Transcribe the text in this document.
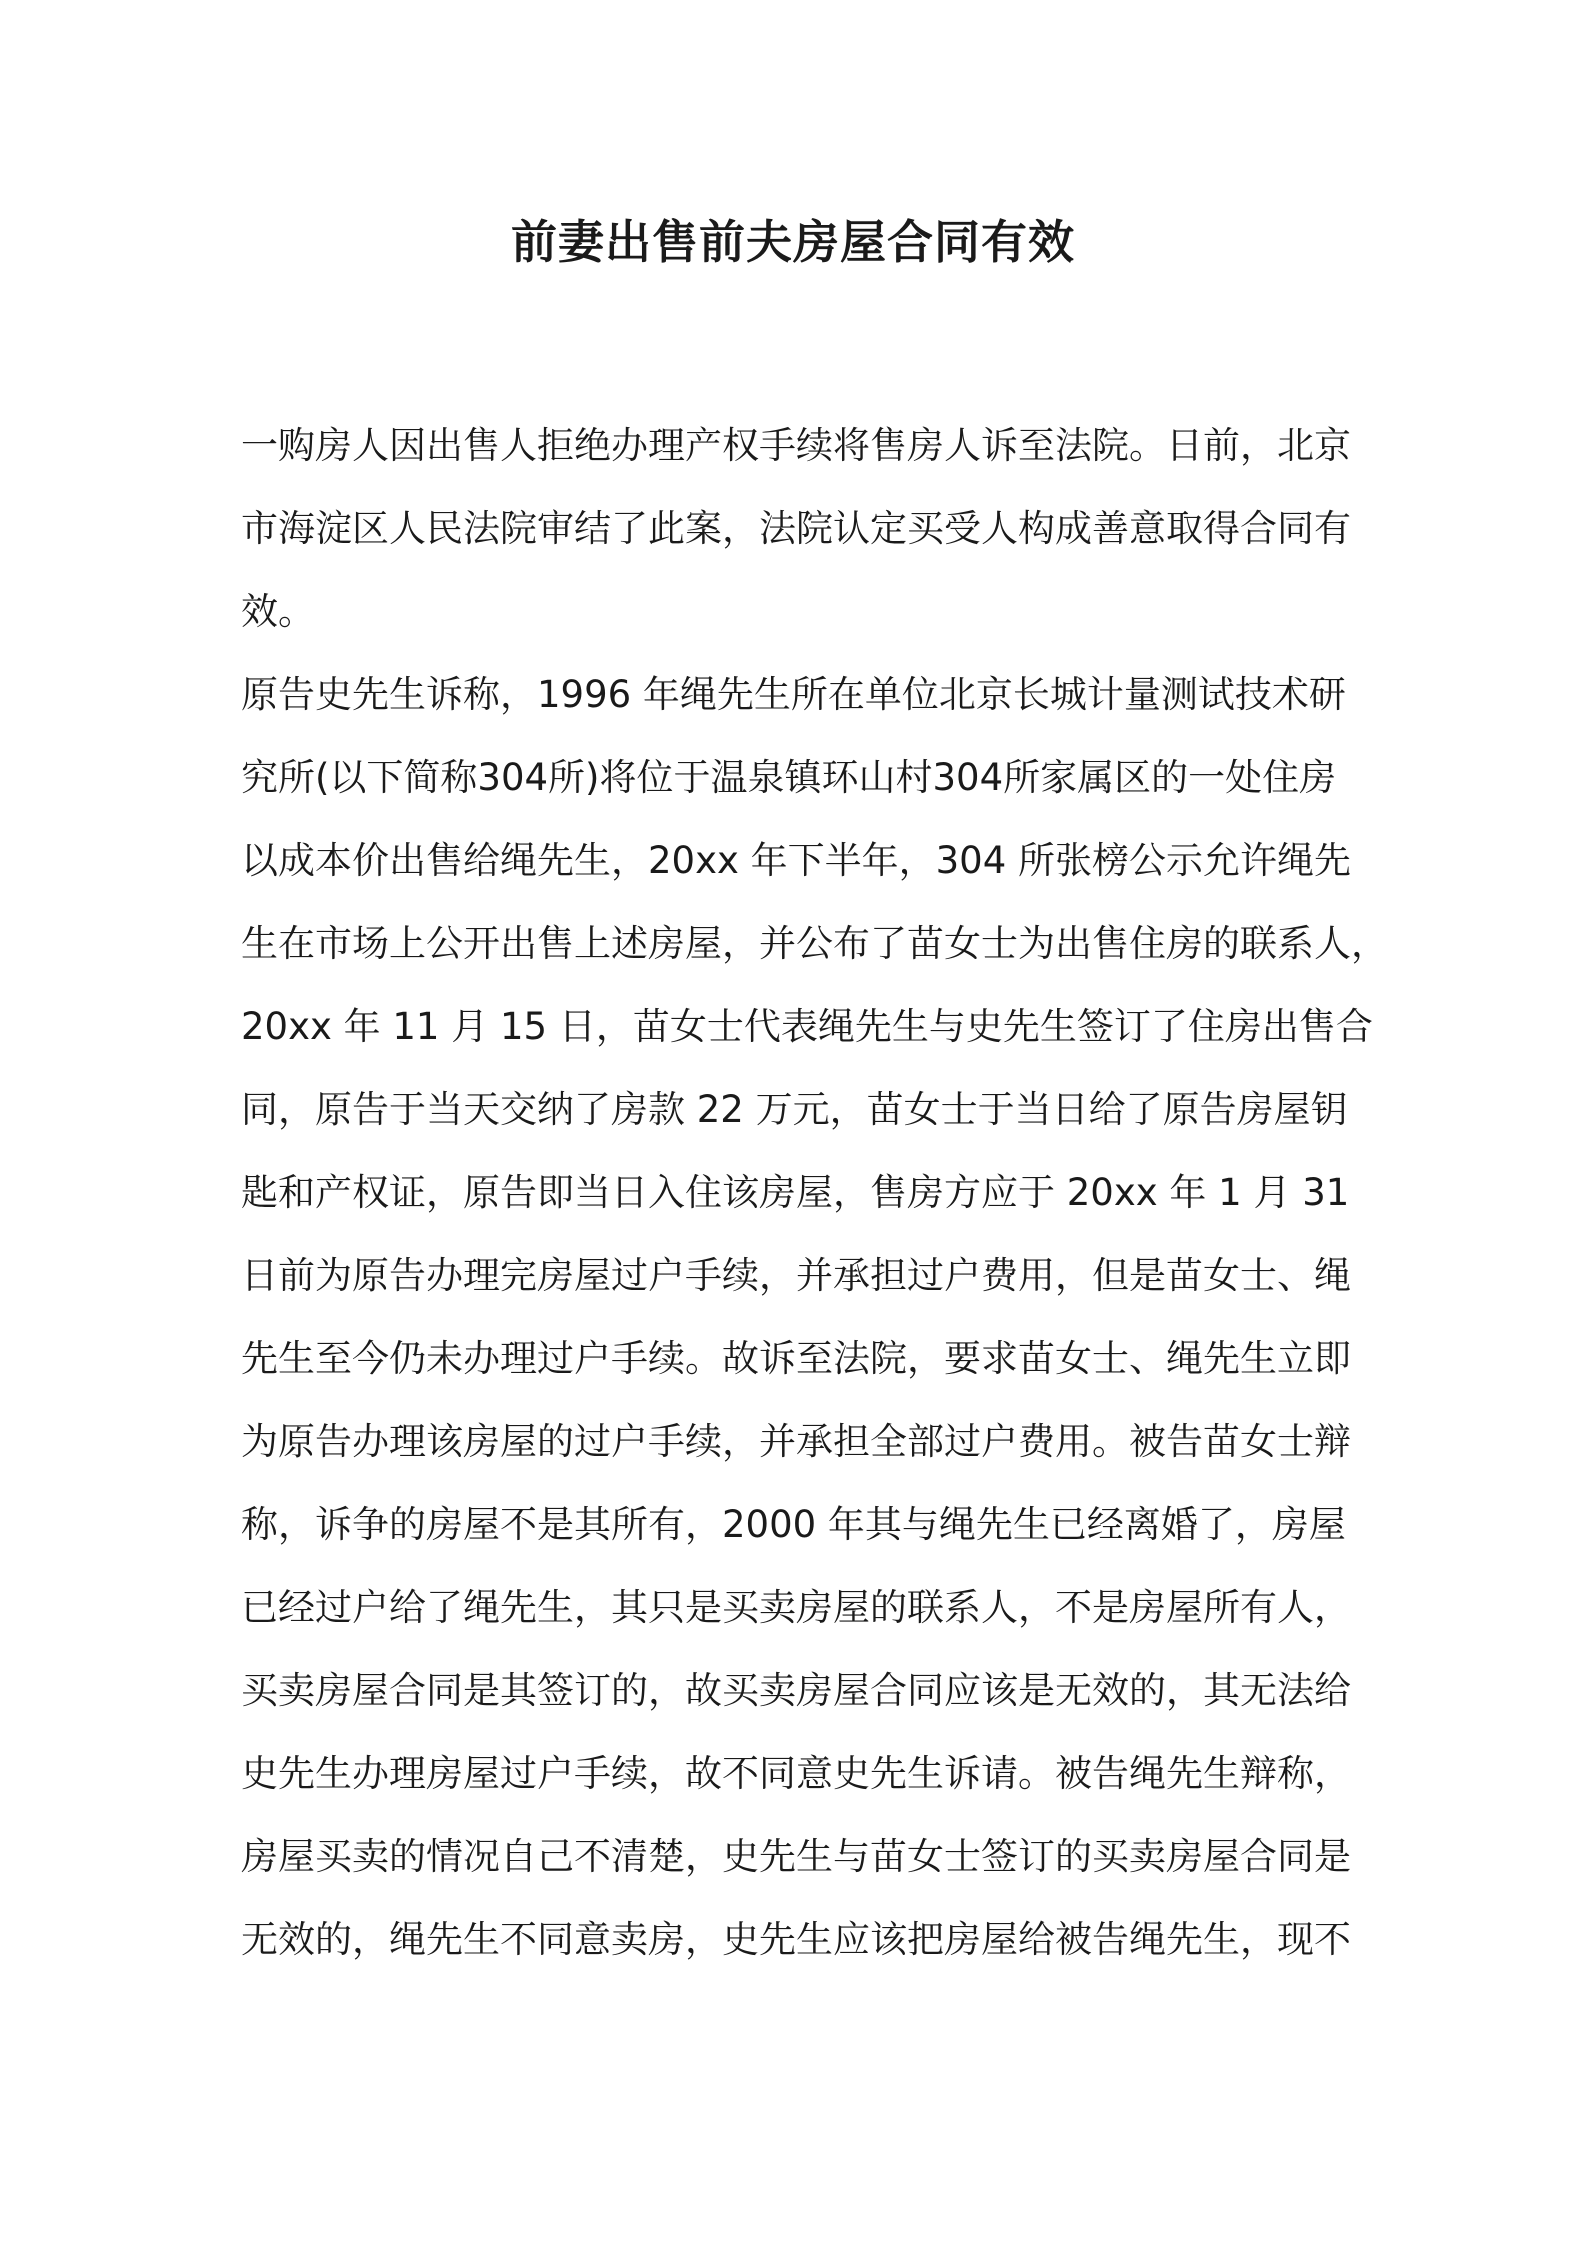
前妻出售前夫房屋合同有效

一购房人因出售人拒绝办理产权手续将售房人诉至法院。日前，北京

市海淀区人民法院审结了此案，法院认定买受人构成善意取得合同有

效。

原告史先生诉称，1996 年绳先生所在单位北京长城计量测试技术研

究所(以下简称304所)将位于温泉镇环山村304所家属区的一处住房

以成本价出售给绳先生，20xx 年下半年，304 所张榜公示允许绳先

生在市场上公开出售上述房屋，并公布了苗女士为出售住房的联系人，

20xx 年 11 月 15 日，苗女士代表绳先生与史先生签订了住房出售合

同，原告于当天交纳了房款 22 万元，苗女士于当日给了原告房屋钥

匙和产权证，原告即当日入住该房屋，售房方应于 20xx 年 1 月 31

日前为原告办理完房屋过户手续，并承担过户费用，但是苗女士、绳

先生至今仍未办理过户手续。故诉至法院，要求苗女士、绳先生立即

为原告办理该房屋的过户手续，并承担全部过户费用。被告苗女士辩

称，诉争的房屋不是其所有，2000 年其与绳先生已经离婚了，房屋

已经过户给了绳先生，其只是买卖房屋的联系人，不是房屋所有人，

买卖房屋合同是其签订的，故买卖房屋合同应该是无效的，其无法给

史先生办理房屋过户手续，故不同意史先生诉请。被告绳先生辩称，

房屋买卖的情况自己不清楚，史先生与苗女士签订的买卖房屋合同是

无效的，绳先生不同意卖房，史先生应该把房屋给被告绳先生，现不
